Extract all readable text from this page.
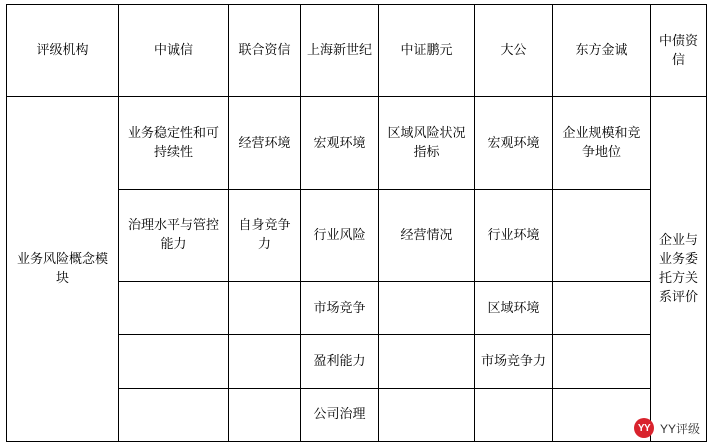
评级机构	中诚信	联合资信	上海新世纪	中证鹏元	大公	东方金诚	中债资信
业务风险概念模块	业务稳定性和可持续性	经营环境	宏观环境	区域风险状况指标	宏观环境	企业规模和竞争地位	企业与业务委托方关系评价
	治理水平与管控能力	自身竞争力	行业风险	经营情况	行业环境		
			市场竞争		区域环境		
			盈利能力		市场竞争力		
			公司治理				
YY YY评级
